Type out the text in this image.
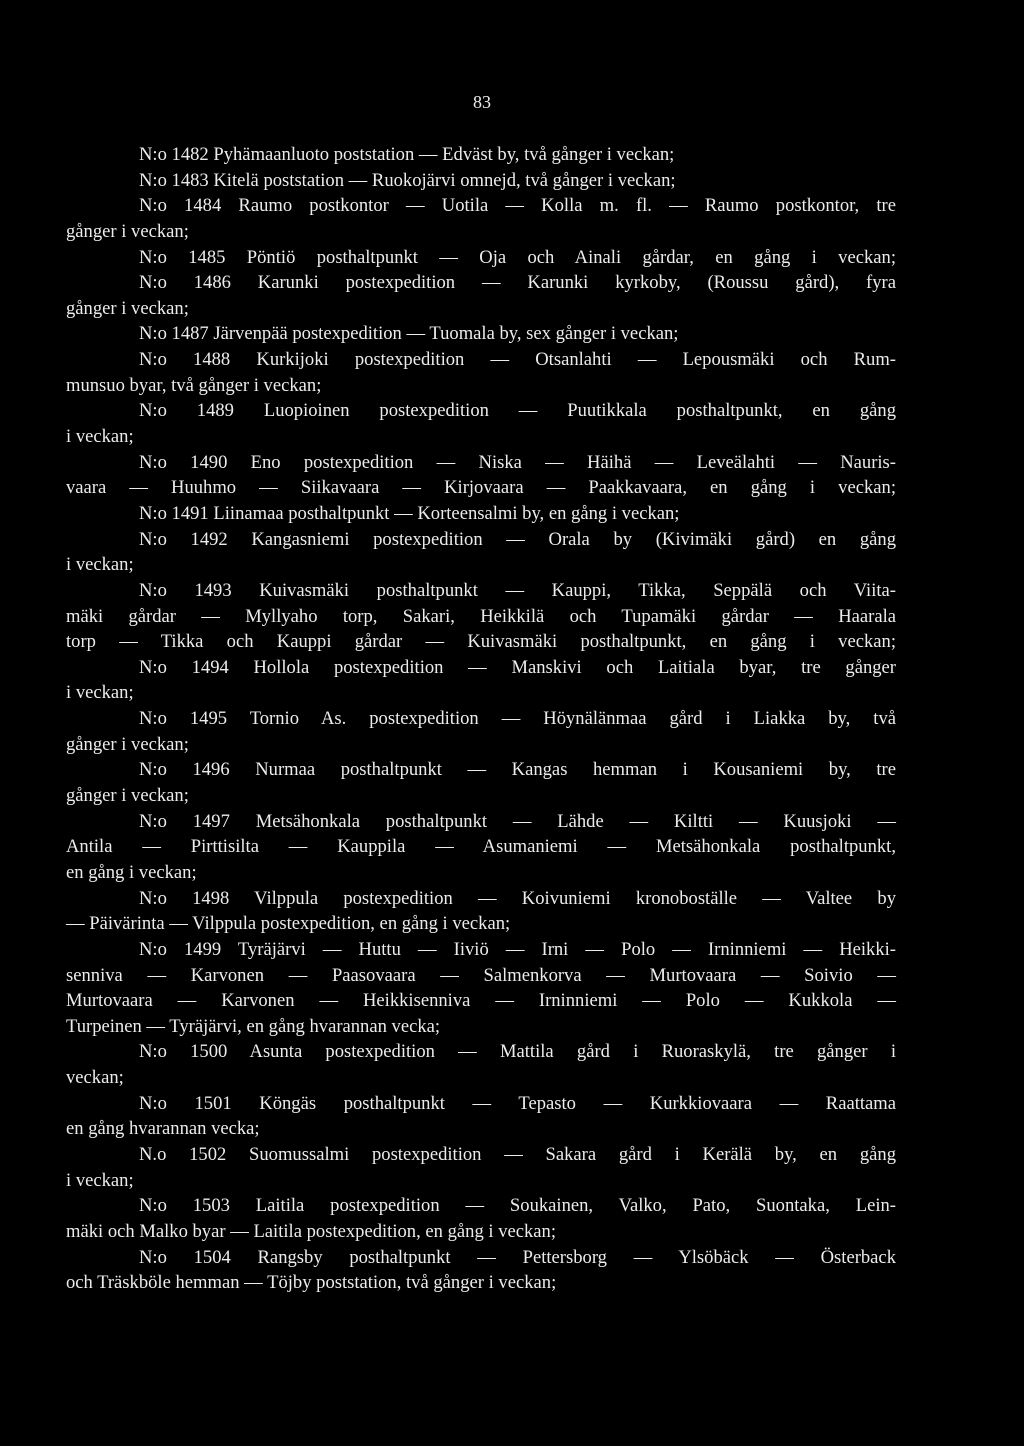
83

N:o 1482 Pyhämaanluoto poststation — Edväst by, två gånger i veckan;

N:o 1483 Kitelä poststation — Ruokojärvi omnejd, två gånger i veckan;

N:o 1484 Raumo postkontor — Uotila — Kolla m. fl. — Raumo postkontor, tre

gånger i veckan;

N:o 1485 Pöntiö posthaltpunkt — Oja och Ainali gårdar, en gång i veckan;

N:o 1486 Karunki postexpedition — Karunki kyrkoby, (Roussu gård), fyra

gånger i veckan;

N:o 1487 Järvenpää postexpedition — Tuomala by, sex gånger i veckan;

N:o 1488 Kurkijoki postexpedition — Otsanlahti — Lepousmäki och Rum-

munsuo byar, två gånger i veckan;

N:o 1489 Luopioinen postexpedition — Puutikkala posthaltpunkt, en gång

i veckan;

N:o 1490 Eno postexpedition — Niska — Häihä — Leveälahti — Nauris-

vaara — Huuhmo — Siikavaara — Kirjovaara — Paakkavaara, en gång i veckan;

N:o 1491 Liinamaa posthaltpunkt — Korteensalmi by, en gång i veckan;

N:o 1492 Kangasniemi postexpedition — Orala by (Kivimäki gård) en gång

i veckan;

N:o 1493 Kuivasmäki posthaltpunkt — Kauppi, Tikka, Seppälä och Viita-

mäki gårdar — Myllyaho torp, Sakari, Heikkilä och Tupamäki gårdar — Haarala

torp — Tikka och Kauppi gårdar — Kuivasmäki posthaltpunkt, en gång i veckan;

N:o 1494 Hollola postexpedition — Manskivi och Laitiala byar, tre gånger

i veckan;

N:o 1495 Tornio As. postexpedition — Höynälänmaa gård i Liakka by, två

gånger i veckan;

N:o 1496 Nurmaa posthaltpunkt — Kangas hemman i Kousaniemi by, tre

gånger i veckan;

N:o 1497 Metsähonkala posthaltpunkt — Lähde — Kiltti — Kuusjoki —

Antila — Pirttisilta — Kauppila — Asumaniemi — Metsähonkala posthaltpunkt,

en gång i veckan;

N:o 1498 Vilppula postexpedition — Koivuniemi kronoboställe — Valtee by

— Päivärinta — Vilppula postexpedition, en gång i veckan;

N:o 1499 Tyräjärvi — Huttu — Iiviö — Irni — Polo — Irninniemi — Heikki-

senniva — Karvonen — Paasovaara — Salmenkorva — Murtovaara — Soivio —

Murtovaara — Karvonen — Heikkisenniva — Irninniemi — Polo — Kukkola —

Turpeinen — Tyräjärvi, en gång hvarannan vecka;

N:o 1500 Asunta postexpedition — Mattila gård i Ruoraskylä, tre gånger i

veckan;

N:o 1501 Köngäs posthaltpunkt — Tepasto — Kurkkiovaara — Raattama

en gång hvarannan vecka;

N.o 1502 Suomussalmi postexpedition — Sakara gård i Kerälä by, en gång

i veckan;

N:o 1503 Laitila postexpedition — Soukainen, Valko, Pato, Suontaka, Lein-

mäki och Malko byar — Laitila postexpedition, en gång i veckan;

N:o 1504 Rangsby posthaltpunkt — Pettersborg — Ylsöbäck — Österback

och Träskböle hemman — Töjby poststation, två gånger i veckan;
